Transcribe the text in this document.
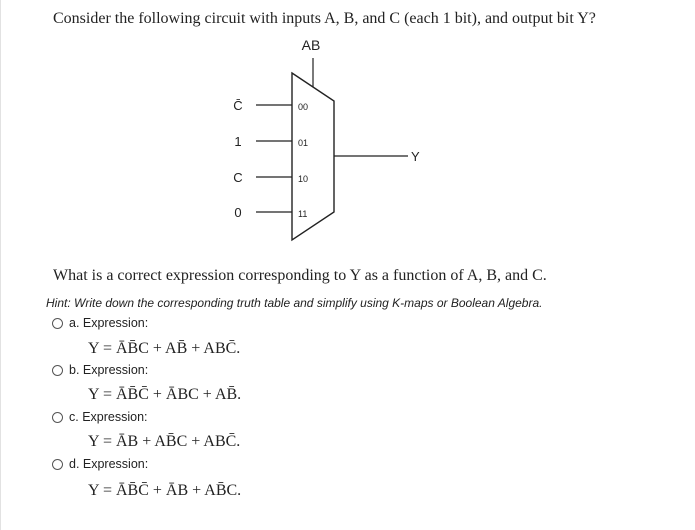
Consider the following circuit with inputs A, B, and C (each 1 bit), and output bit Y?
AB
C̄
1
C
0
00
01
10
11
Y
What is a correct expression corresponding to Y as a function of A, B, and C.
Hint: Write down the corresponding truth table and simplify using K-maps or Boolean Algebra.
a. Expression:
Y = ĀB̄C + AB̄ + ABC̄.
b. Expression:
Y = ĀB̄C̄ + ĀBC + AB̄.
c. Expression:
Y = ĀB + AB̄C + ABC̄.
d. Expression:
Y = ĀB̄C̄ + ĀB + AB̄C.
